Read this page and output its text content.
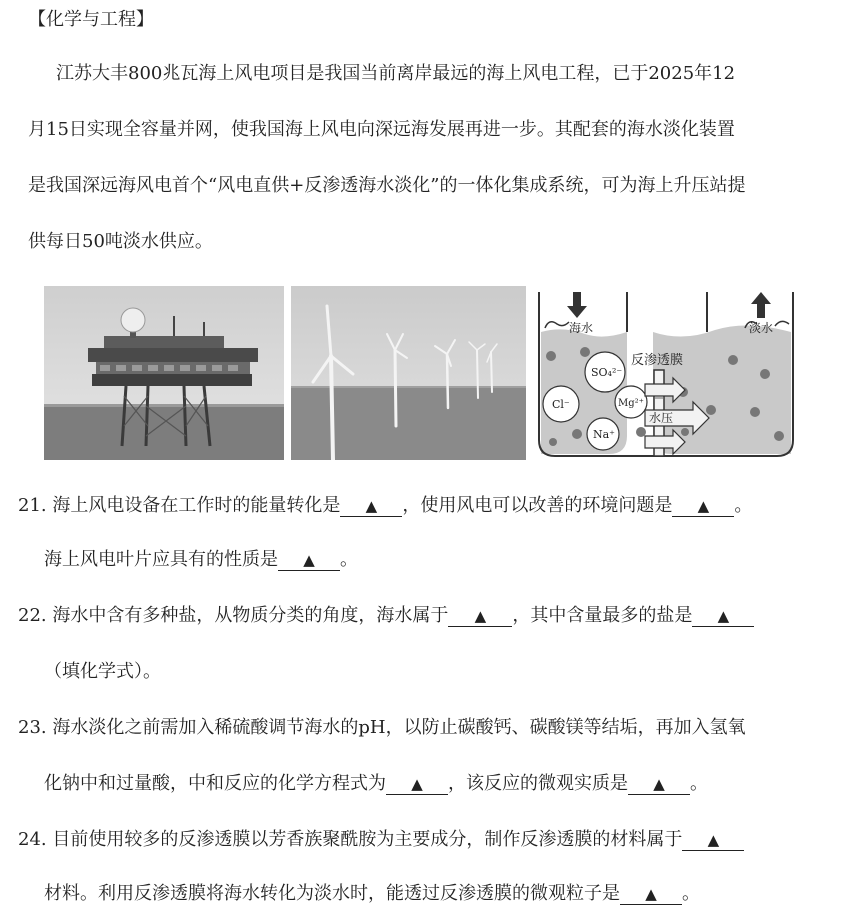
【化学与工程】
江苏大丰800兆瓦海上风电项目是我国当前离岸最远的海上风电工程，已于2025年12
月15日实现全容量并网，使我国海上风电向深远海发展再进一步。其配套的海水淡化装置
是我国深远海风电首个“风电直供+反渗透海水淡化”的一体化集成系统，可为海上升压站提
供每日50吨淡水供应。
海水	淡水
反渗透膜
水压
Cl⁻
SO₄²⁻
Mg²⁺
Na⁺
21. 海上风电设备在工作时的能量转化是 ▲ ，使用风电可以改善的环境问题是 ▲ 。
海上风电叶片应具有的性质是 ▲ 。
22. 海水中含有多种盐，从物质分类的角度，海水属于 ▲ ，其中含量最多的盐是 ▲
（填化学式）。
23. 海水淡化之前需加入稀硫酸调节海水的pH，以防止碳酸钙、碳酸镁等结垢，再加入氢氧
化钠中和过量酸，中和反应的化学方程式为 ▲ ，该反应的微观实质是 ▲ 。
24. 目前使用较多的反渗透膜以芳香族聚酰胺为主要成分，制作反渗透膜的材料属于 ▲
材料。利用反渗透膜将海水转化为淡水时，能透过反渗透膜的微观粒子是 ▲ 。
